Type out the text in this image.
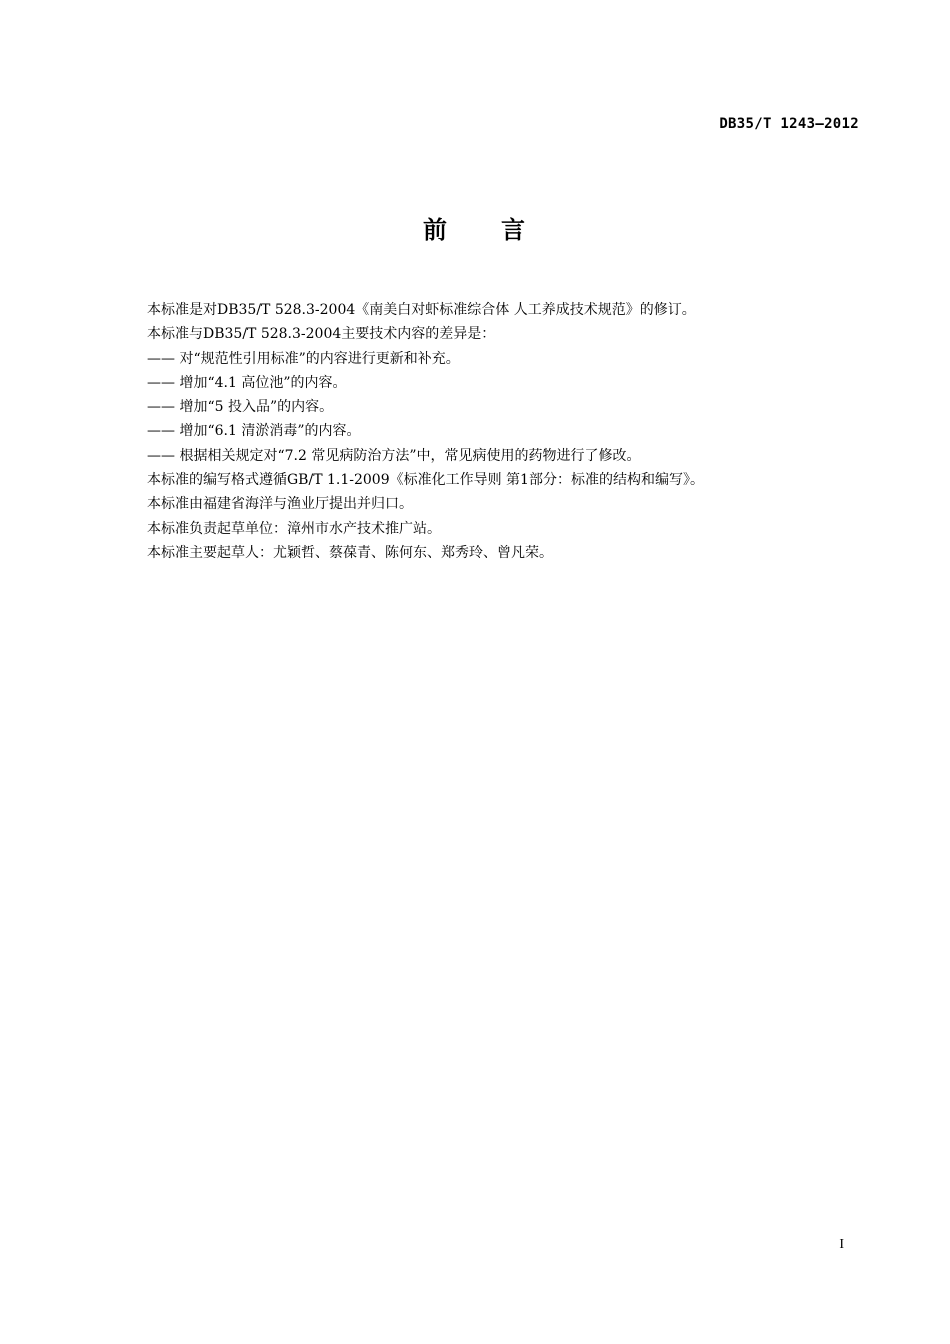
DB35/T 1243—2012
前 言
本标准是对DB35/T 528.3-2004《南美白对虾标准综合体 人工养成技术规范》的修订。
本标准与DB35/T 528.3-2004主要技术内容的差异是：
—— 对“规范性引用标准”的内容进行更新和补充。
—— 增加“4.1 高位池”的内容。
—— 增加“5 投入品”的内容。
—— 增加“6.1 清淤消毒”的内容。
—— 根据相关规定对“7.2 常见病防治方法”中，常见病使用的药物进行了修改。
本标准的编写格式遵循GB/T 1.1-2009《标准化工作导则 第1部分：标准的结构和编写》。
本标准由福建省海洋与渔业厅提出并归口。
本标准负责起草单位：漳州市水产技术推广站。
本标准主要起草人：尤颖哲、蔡葆青、陈何东、郑秀玲、曾凡荣。
I
